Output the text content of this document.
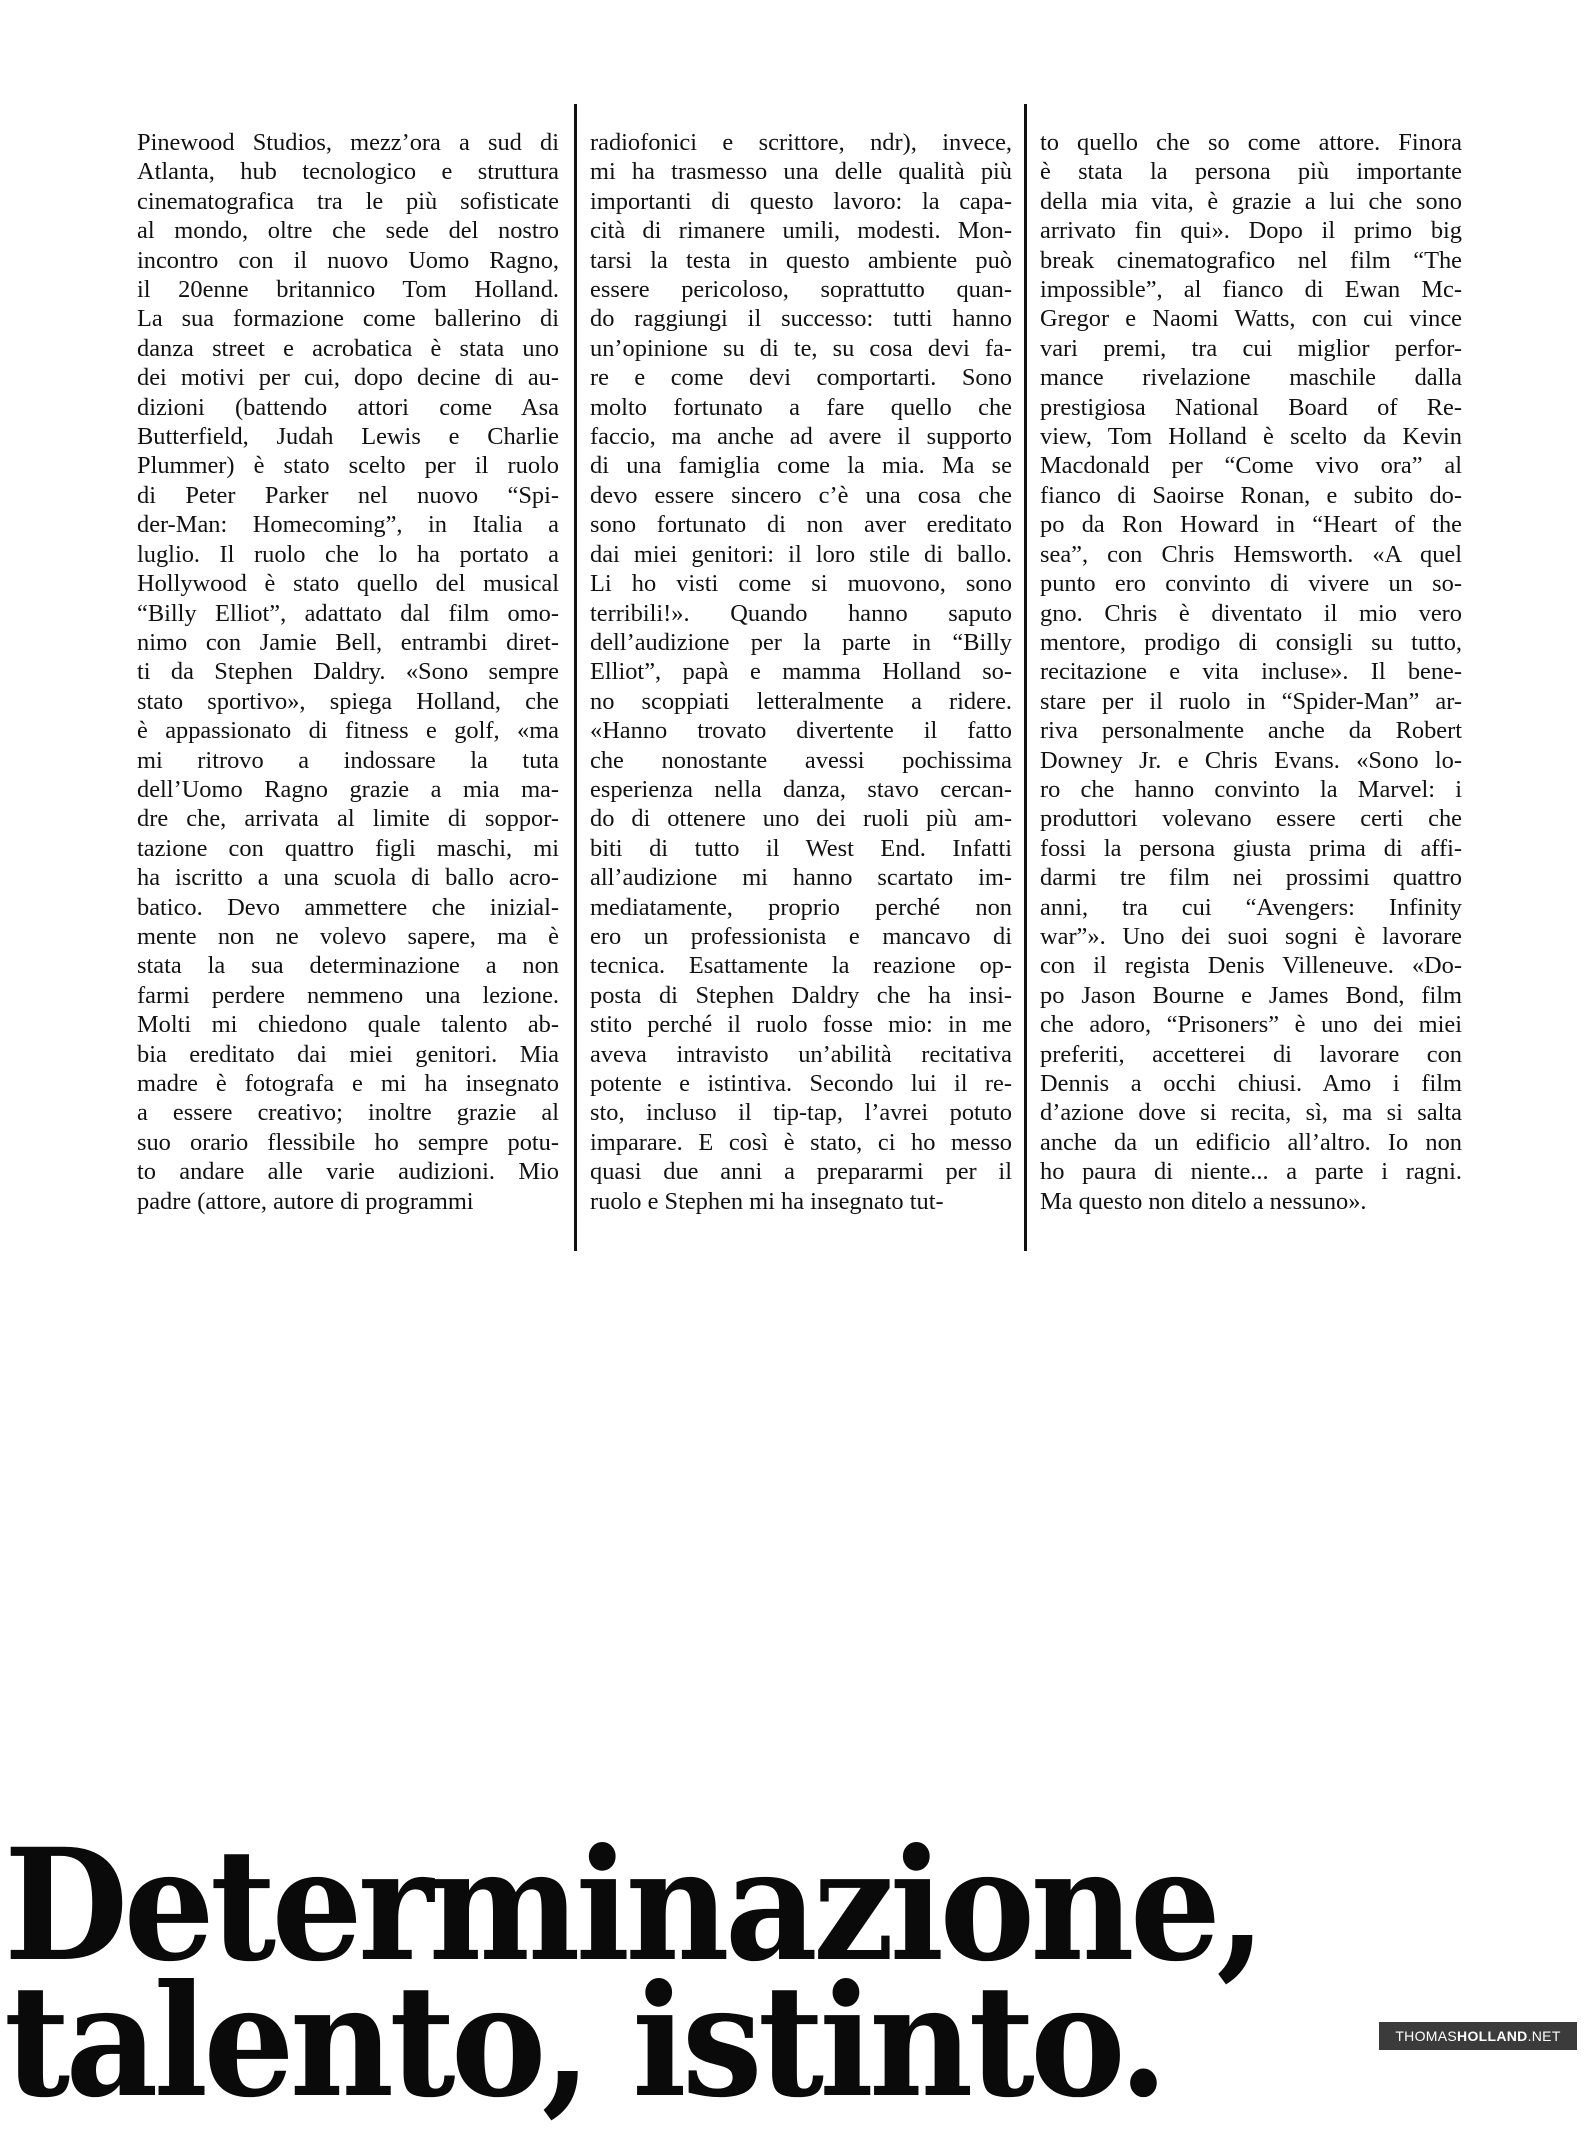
Pinewood Studios, mezz’ora a sud di
Atlanta, hub tecnologico e struttura
cinematografica tra le più sofisticate
al mondo, oltre che sede del nostro
incontro con il nuovo Uomo Ragno,
il 20enne britannico Tom Holland.
La sua formazione come ballerino di
danza street e acrobatica è stata uno
dei motivi per cui, dopo decine di au-
dizioni (battendo attori come Asa
Butterfield, Judah Lewis e Charlie
Plummer) è stato scelto per il ruolo
di Peter Parker nel nuovo “Spi-
der-Man: Homecoming”, in Italia a
luglio. Il ruolo che lo ha portato a
Hollywood è stato quello del musical
“Billy Elliot”, adattato dal film omo-
nimo con Jamie Bell, entrambi diret-
ti da Stephen Daldry. «Sono sempre
stato sportivo», spiega Holland, che
è appassionato di fitness e golf, «ma
mi ritrovo a indossare la tuta
dell’Uomo Ragno grazie a mia ma-
dre che, arrivata al limite di soppor-
tazione con quattro figli maschi, mi
ha iscritto a una scuola di ballo acro-
batico. Devo ammettere che inizial-
mente non ne volevo sapere, ma è
stata la sua determinazione a non
farmi perdere nemmeno una lezione.
Molti mi chiedono quale talento ab-
bia ereditato dai miei genitori. Mia
madre è fotografa e mi ha insegnato
a essere creativo; inoltre grazie al
suo orario flessibile ho sempre potu-
to andare alle varie audizioni. Mio
padre (attore, autore di programmi
radiofonici e scrittore, ndr), invece,
mi ha trasmesso una delle qualità più
importanti di questo lavoro: la capa-
cità di rimanere umili, modesti. Mon-
tarsi la testa in questo ambiente può
essere pericoloso, soprattutto quan-
do raggiungi il successo: tutti hanno
un’opinione su di te, su cosa devi fa-
re e come devi comportarti. Sono
molto fortunato a fare quello che
faccio, ma anche ad avere il supporto
di una famiglia come la mia. Ma se
devo essere sincero c’è una cosa che
sono fortunato di non aver ereditato
dai miei genitori: il loro stile di ballo.
Li ho visti come si muovono, sono
terribili!». Quando hanno saputo
dell’audizione per la parte in “Billy
Elliot”, papà e mamma Holland so-
no scoppiati letteralmente a ridere.
«Hanno trovato divertente il fatto
che nonostante avessi pochissima
esperienza nella danza, stavo cercan-
do di ottenere uno dei ruoli più am-
biti di tutto il West End. Infatti
all’audizione mi hanno scartato im-
mediatamente, proprio perché non
ero un professionista e mancavo di
tecnica. Esattamente la reazione op-
posta di Stephen Daldry che ha insi-
stito perché il ruolo fosse mio: in me
aveva intravisto un’abilità recitativa
potente e istintiva. Secondo lui il re-
sto, incluso il tip-tap, l’avrei potuto
imparare. E così è stato, ci ho messo
quasi due anni a prepararmi per il
ruolo e Stephen mi ha insegnato tut-
to quello che so come attore. Finora
è stata la persona più importante
della mia vita, è grazie a lui che sono
arrivato fin qui». Dopo il primo big
break cinematografico nel film “The
impossible”, al fianco di Ewan Mc-
Gregor e Naomi Watts, con cui vince
vari premi, tra cui miglior perfor-
mance rivelazione maschile dalla
prestigiosa National Board of Re-
view, Tom Holland è scelto da Kevin
Macdonald per “Come vivo ora” al
fianco di Saoirse Ronan, e subito do-
po da Ron Howard in “Heart of the
sea”, con Chris Hemsworth. «A quel
punto ero convinto di vivere un so-
gno. Chris è diventato il mio vero
mentore, prodigo di consigli su tutto,
recitazione e vita incluse». Il bene-
stare per il ruolo in “Spider-Man” ar-
riva personalmente anche da Robert
Downey Jr. e Chris Evans. «Sono lo-
ro che hanno convinto la Marvel: i
produttori volevano essere certi che
fossi la persona giusta prima di affi-
darmi tre film nei prossimi quattro
anni, tra cui “Avengers: Infinity
war”». Uno dei suoi sogni è lavorare
con il regista Denis Villeneuve. «Do-
po Jason Bourne e James Bond, film
che adoro, “Prisoners” è uno dei miei
preferiti, accetterei di lavorare con
Dennis a occhi chiusi. Amo i film
d’azione dove si recita, sì, ma si salta
anche da un edificio all’altro. Io non
ho paura di niente... a parte i ragni.
Ma questo non ditelo a nessuno».
Determinazione,
talento, istinto.	THOMASHOLLAND.NET
